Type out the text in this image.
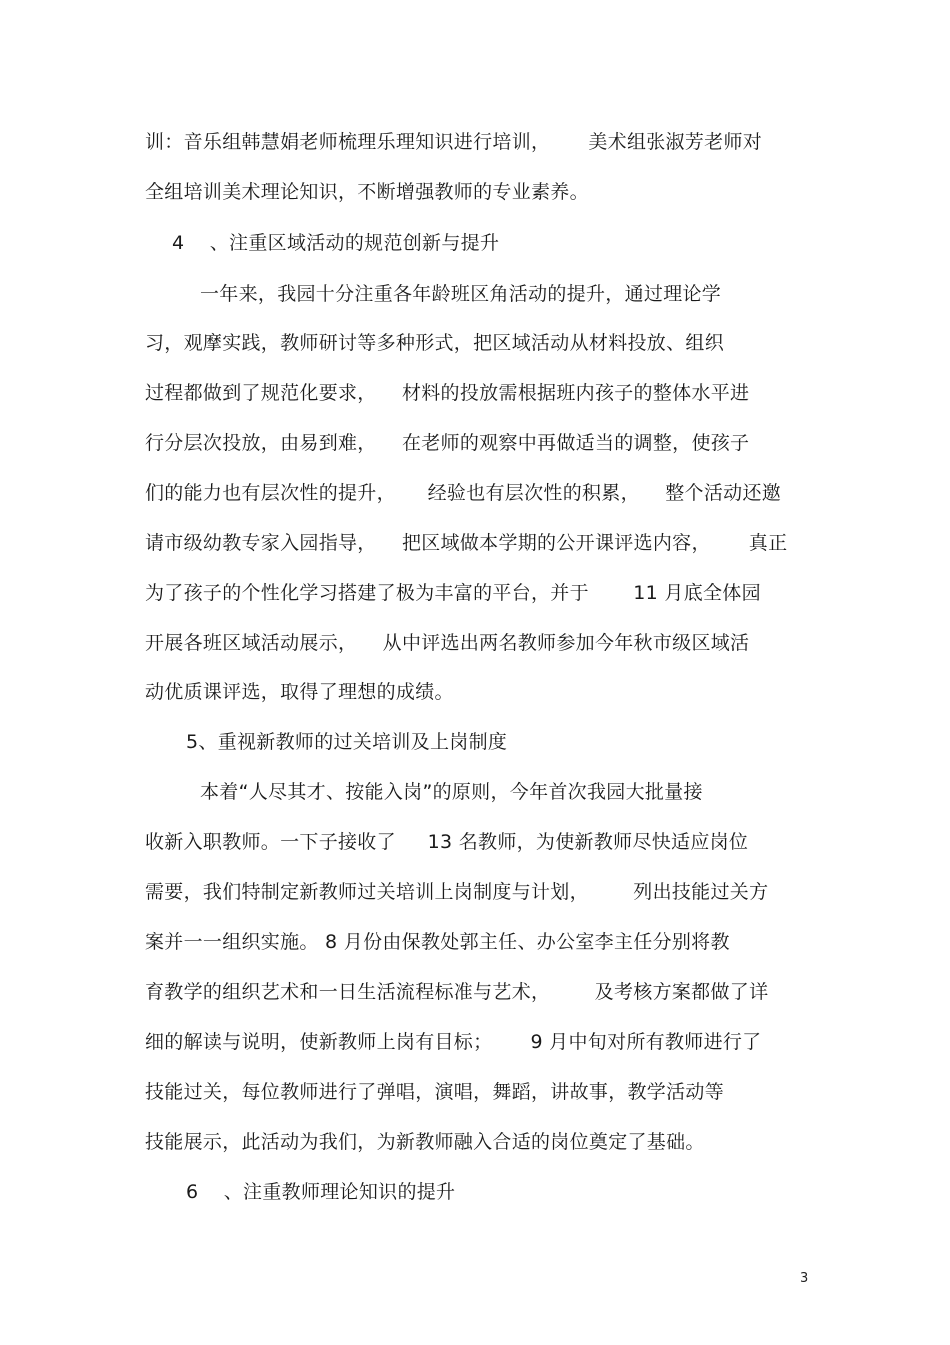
训：音乐组韩慧娟老师梳理乐理知识进行培训，      美术组张淑芳老师对
全组培训美术理论知识，不断增强教师的专业素养。
4    、注重区域活动的规范创新与提升
一年来，我园十分注重各年龄班区角活动的提升，通过理论学
习，观摩实践，教师研讨等多种形式，把区域活动从材料投放、组织
过程都做到了规范化要求，    材料的投放需根据班内孩子的整体水平进
行分层次投放，由易到难，    在老师的观察中再做适当的调整，使孩子
们的能力也有层次性的提升，     经验也有层次性的积累，    整个活动还邀
请市级幼教专家入园指导，    把区域做本学期的公开课评选内容，      真正
为了孩子的个性化学习搭建了极为丰富的平台，并于       11 月底全体园
开展各班区域活动展示，    从中评选出两名教师参加今年秋市级区域活
动优质课评选，取得了理想的成绩。
5、重视新教师的过关培训及上岗制度
本着“人尽其才、按能入岗”的原则，今年首次我园大批量接
收新入职教师。一下子接收了     13 名教师，为使新教师尽快适应岗位
需要，我们特制定新教师过关培训上岗制度与计划，       列出技能过关方
案并一一组织实施。 8 月份由保教处郭主任、办公室李主任分别将教
育教学的组织艺术和一日生活流程标准与艺术，       及考核方案都做了详
细的解读与说明，使新教师上岗有目标；      9 月中旬对所有教师进行了
技能过关，每位教师进行了弹唱，演唱，舞蹈，讲故事，教学活动等
技能展示，此活动为我们，为新教师融入合适的岗位奠定了基础。
6    、注重教师理论知识的提升
3
